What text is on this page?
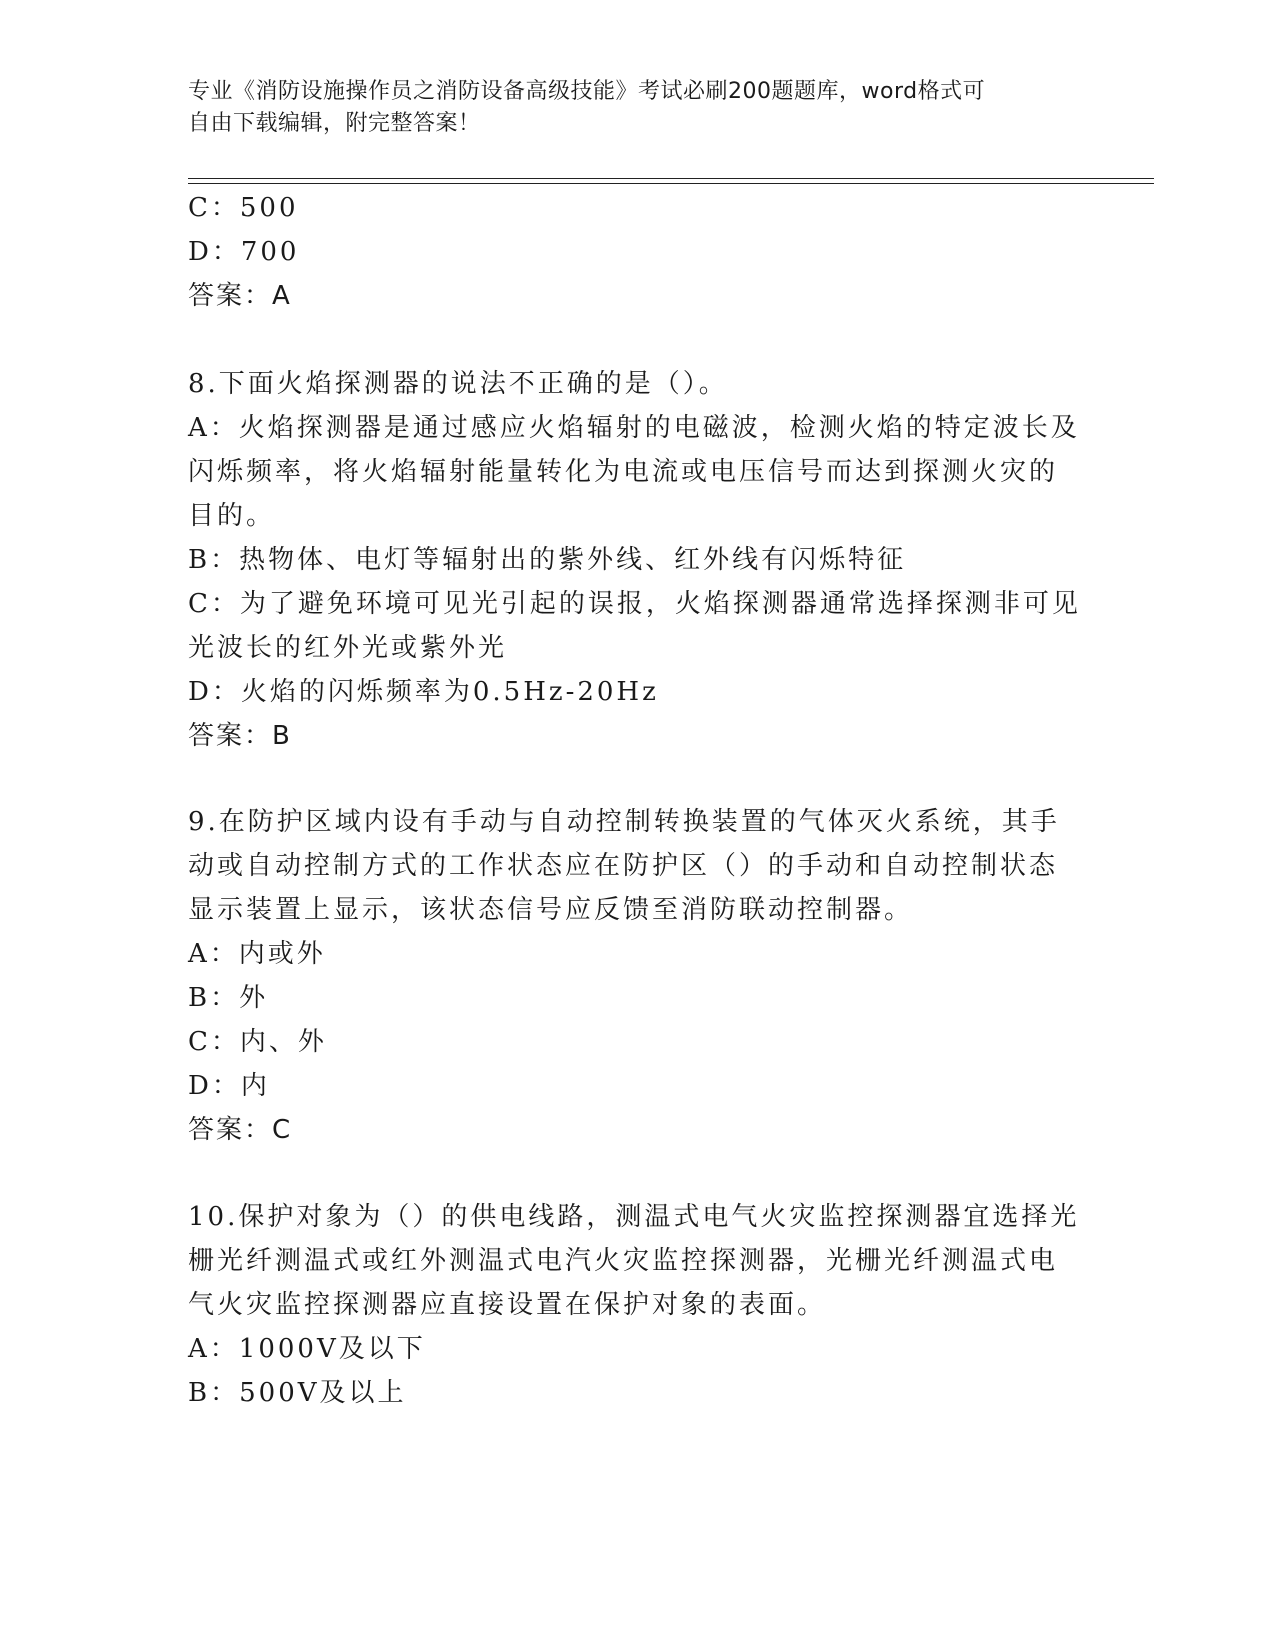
专业《消防设施操作员之消防设备高级技能》考试必刷200题题库，word格式可
自由下载编辑，附完整答案！
C：500
D：700
答案：A
8.下面火焰探测器的说法不正确的是（）。
A：火焰探测器是通过感应火焰辐射的电磁波，检测火焰的特定波长及
闪烁频率，将火焰辐射能量转化为电流或电压信号而达到探测火灾的
目的。
B：热物体、电灯等辐射出的紫外线、红外线有闪烁特征
C：为了避免环境可见光引起的误报，火焰探测器通常选择探测非可见
光波长的红外光或紫外光
D：火焰的闪烁频率为0.5Hz-20Hz
答案：B
9.在防护区域内设有手动与自动控制转换装置的气体灭火系统，其手
动或自动控制方式的工作状态应在防护区（）的手动和自动控制状态
显示装置上显示，该状态信号应反馈至消防联动控制器。
A：内或外
B：外
C：内、外
D：内
答案：C
10.保护对象为（）的供电线路，测温式电气火灾监控探测器宜选择光
栅光纤测温式或红外测温式电汽火灾监控探测器，光栅光纤测温式电
气火灾监控探测器应直接设置在保护对象的表面。
A：1000V及以下
B：500V及以上
